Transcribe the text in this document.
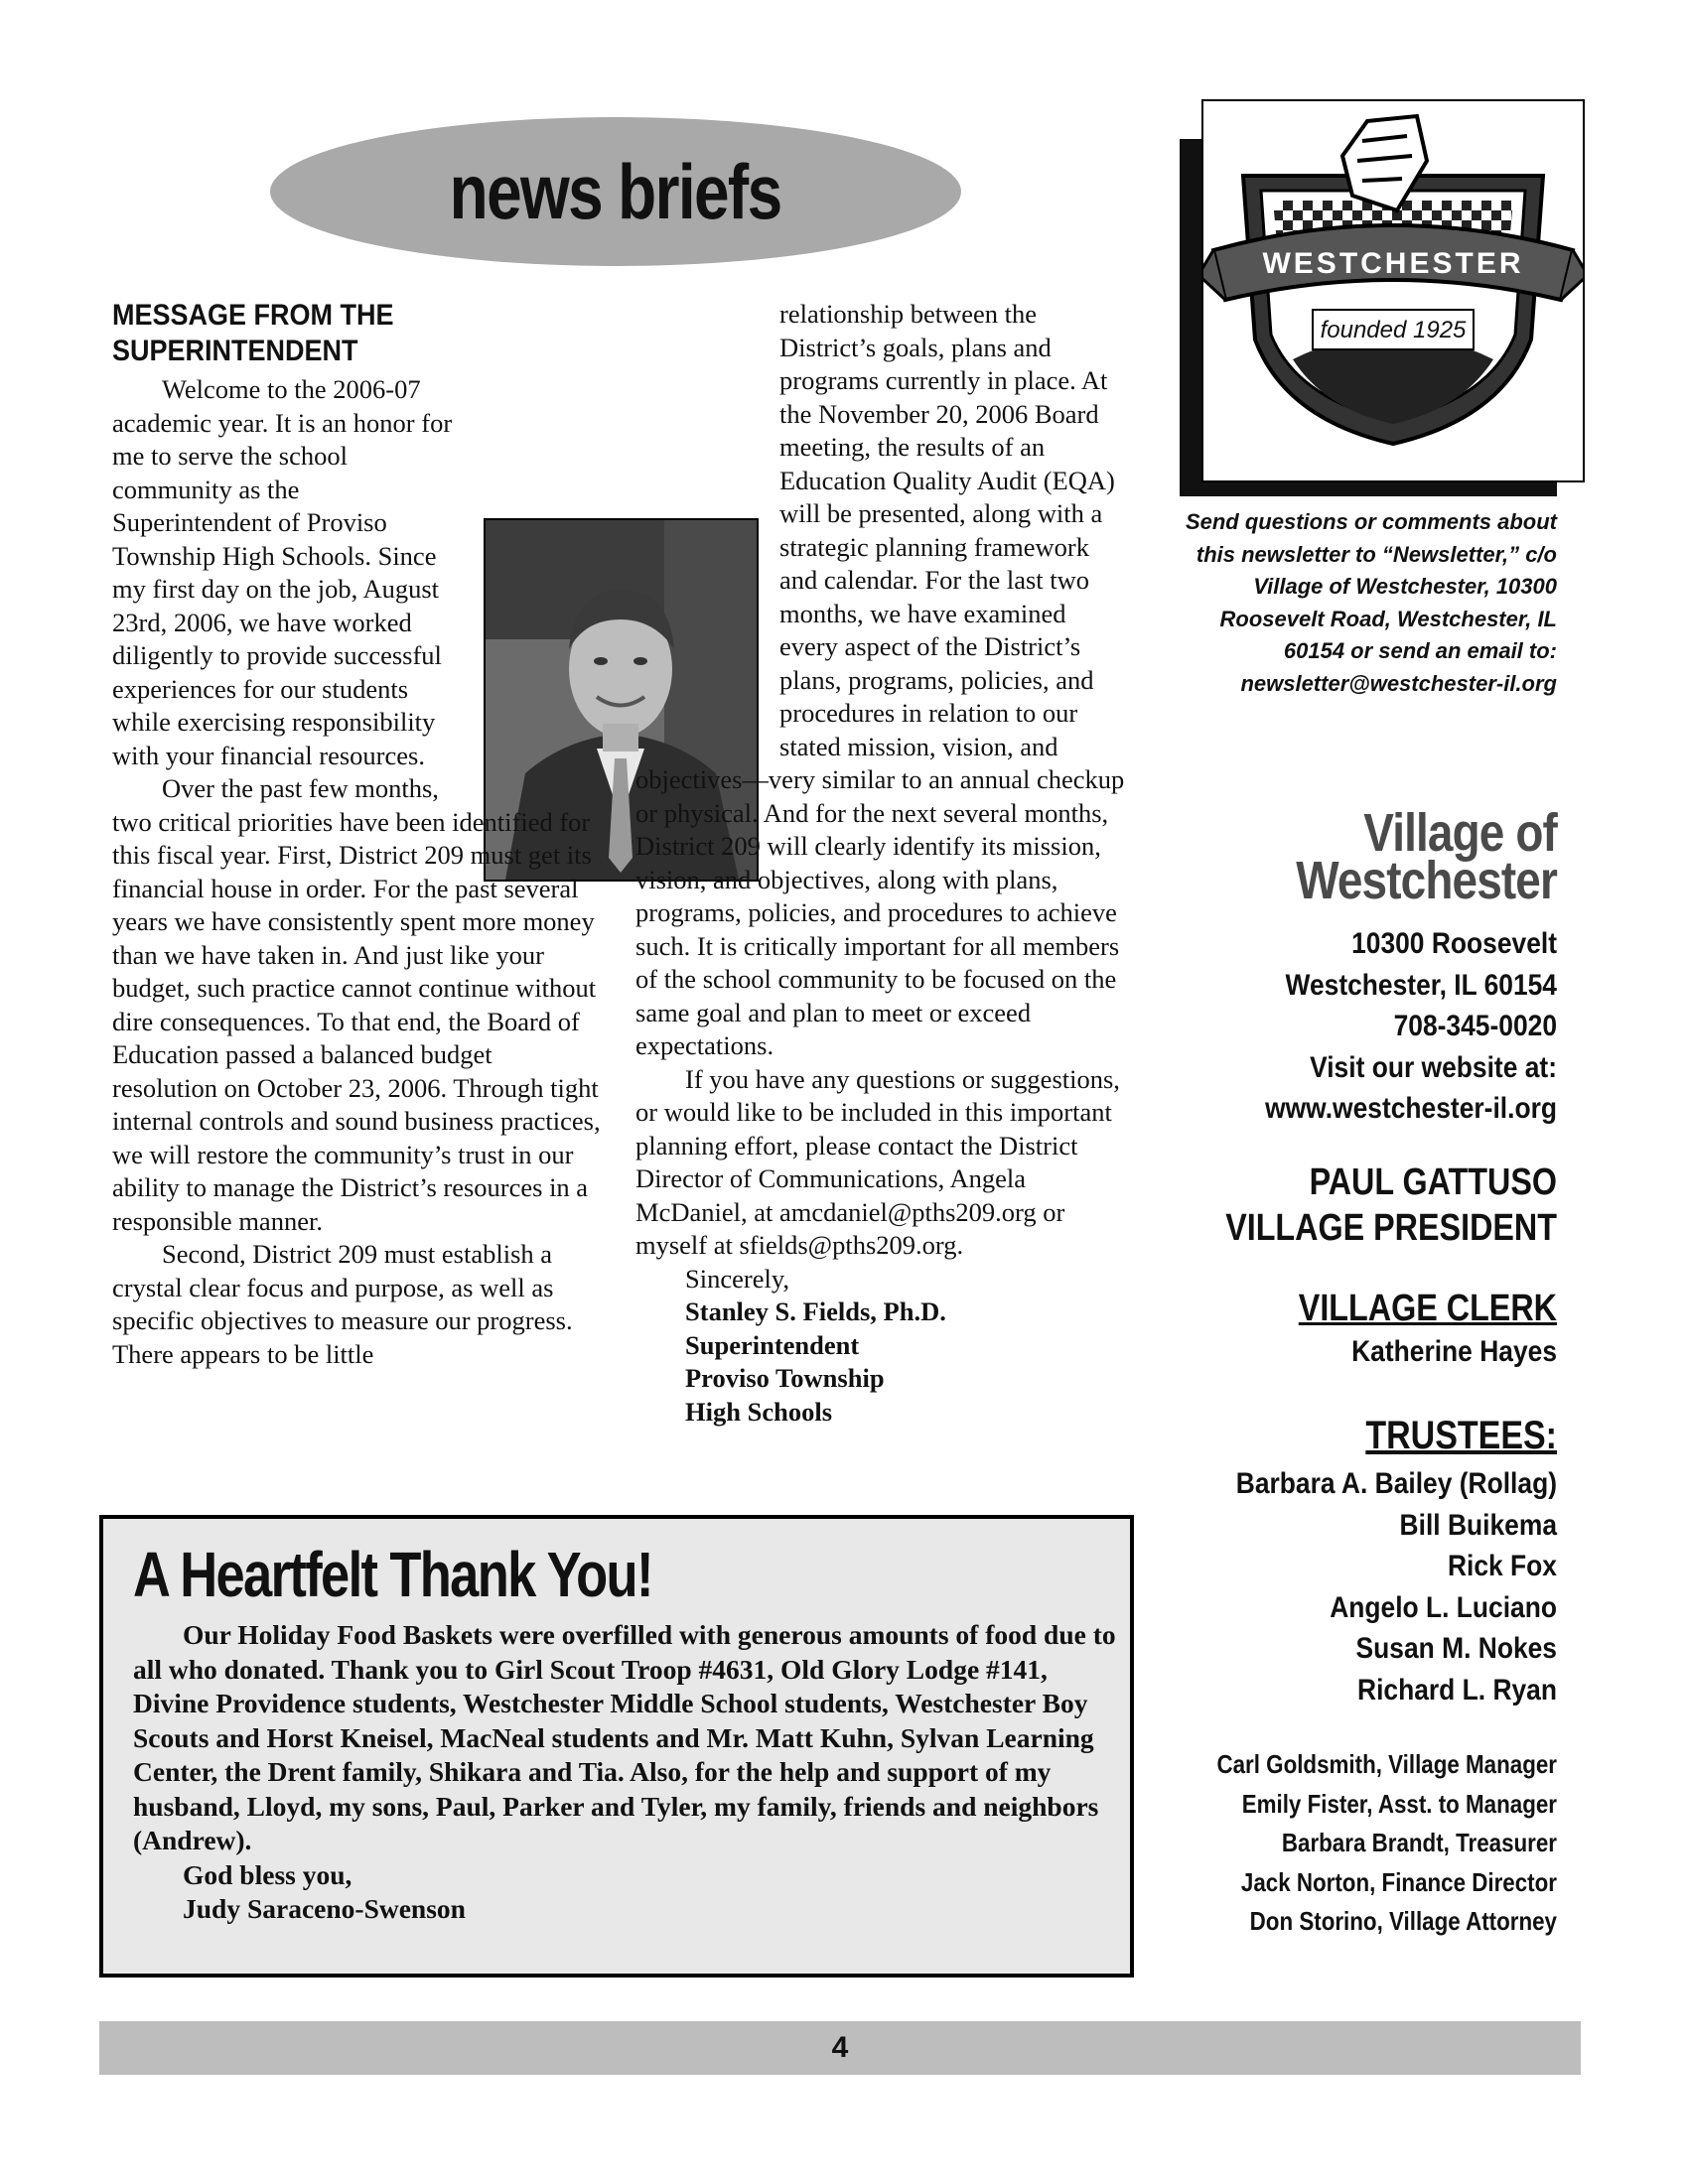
news briefs
MESSAGE FROM THE SUPERINTENDENT

Welcome to the 2006-07 academic year. It is an honor for me to serve the school community as the Superintendent of Proviso Township High Schools. Since my first day on the job, August 23rd, 2006, we have worked diligently to provide successful experiences for our students while exercising responsibility with your financial resources.

Over the past few months, two critical priorities have been identified for this fiscal year. First, District 209 must get its financial house in order. For the past several years we have consistently spent more money than we have taken in. And just like your budget, such practice cannot continue without dire consequences. To that end, the Board of Education passed a balanced budget resolution on October 23, 2006. Through tight internal controls and sound business practices, we will restore the community’s trust in our ability to manage the District’s resources in a responsible manner.

Second, District 209 must establish a crystal clear focus and purpose, as well as specific objectives to measure our progress. There appears to be little

relationship between the District’s goals, plans and programs currently in place. At the November 20, 2006 Board meeting, the results of an Education Quality Audit (EQA) will be presented, along with a strategic planning framework and calendar. For the last two months, we have examined every aspect of the District’s plans, programs, policies, and procedures in relation to our stated mission, vision, and objectives—very similar to an annual checkup or physical. And for the next several months, District 209 will clearly identify its mission, vision, and objectives, along with plans, programs, policies, and procedures to achieve such. It is critically important for all members of the school community to be focused on the same goal and plan to meet or exceed expectations.

If you have any questions or suggestions, or would like to be included in this important planning effort, please contact the District Director of Communications, Angela McDaniel, at amcdaniel@pths209.org or myself at sfields@pths209.org.

Sincerely,
Stanley S. Fields, Ph.D.
Superintendent
Proviso Township
High Schools
A Heartfelt Thank You!

Our Holiday Food Baskets were overfilled with generous amounts of food due to all who donated. Thank you to Girl Scout Troop #4631, Old Glory Lodge #141, Divine Providence students, Westchester Middle School students, Westchester Boy Scouts and Horst Kneisel, MacNeal students and Mr. Matt Kuhn, Sylvan Learning Center, the Drent family, Shikara and Tia. Also, for the help and support of my husband, Lloyd, my sons, Paul, Parker and Tyler, my family, friends and neighbors (Andrew).

God bless you,
Judy Saraceno-Swenson
WESTCHESTER
founded 1925
Send questions or comments about this newsletter to “Newsletter,” c/o Village of Westchester, 10300 Roosevelt Road, Westchester, IL 60154 or send an email to: newsletter@westchester-il.org
Village of
Westchester
10300 Roosevelt
Westchester, IL 60154
708-345-0020
Visit our website at:
www.westchester-il.org
PAUL GATTUSO
VILLAGE PRESIDENT
VILLAGE CLERK
Katherine Hayes
TRUSTEES:
Barbara A. Bailey (Rollag)
Bill Buikema
Rick Fox
Angelo L. Luciano
Susan M. Nokes
Richard L. Ryan
Carl Goldsmith, Village Manager
Emily Fister, Asst. to Manager
Barbara Brandt, Treasurer
Jack Norton, Finance Director
Don Storino, Village Attorney
4
